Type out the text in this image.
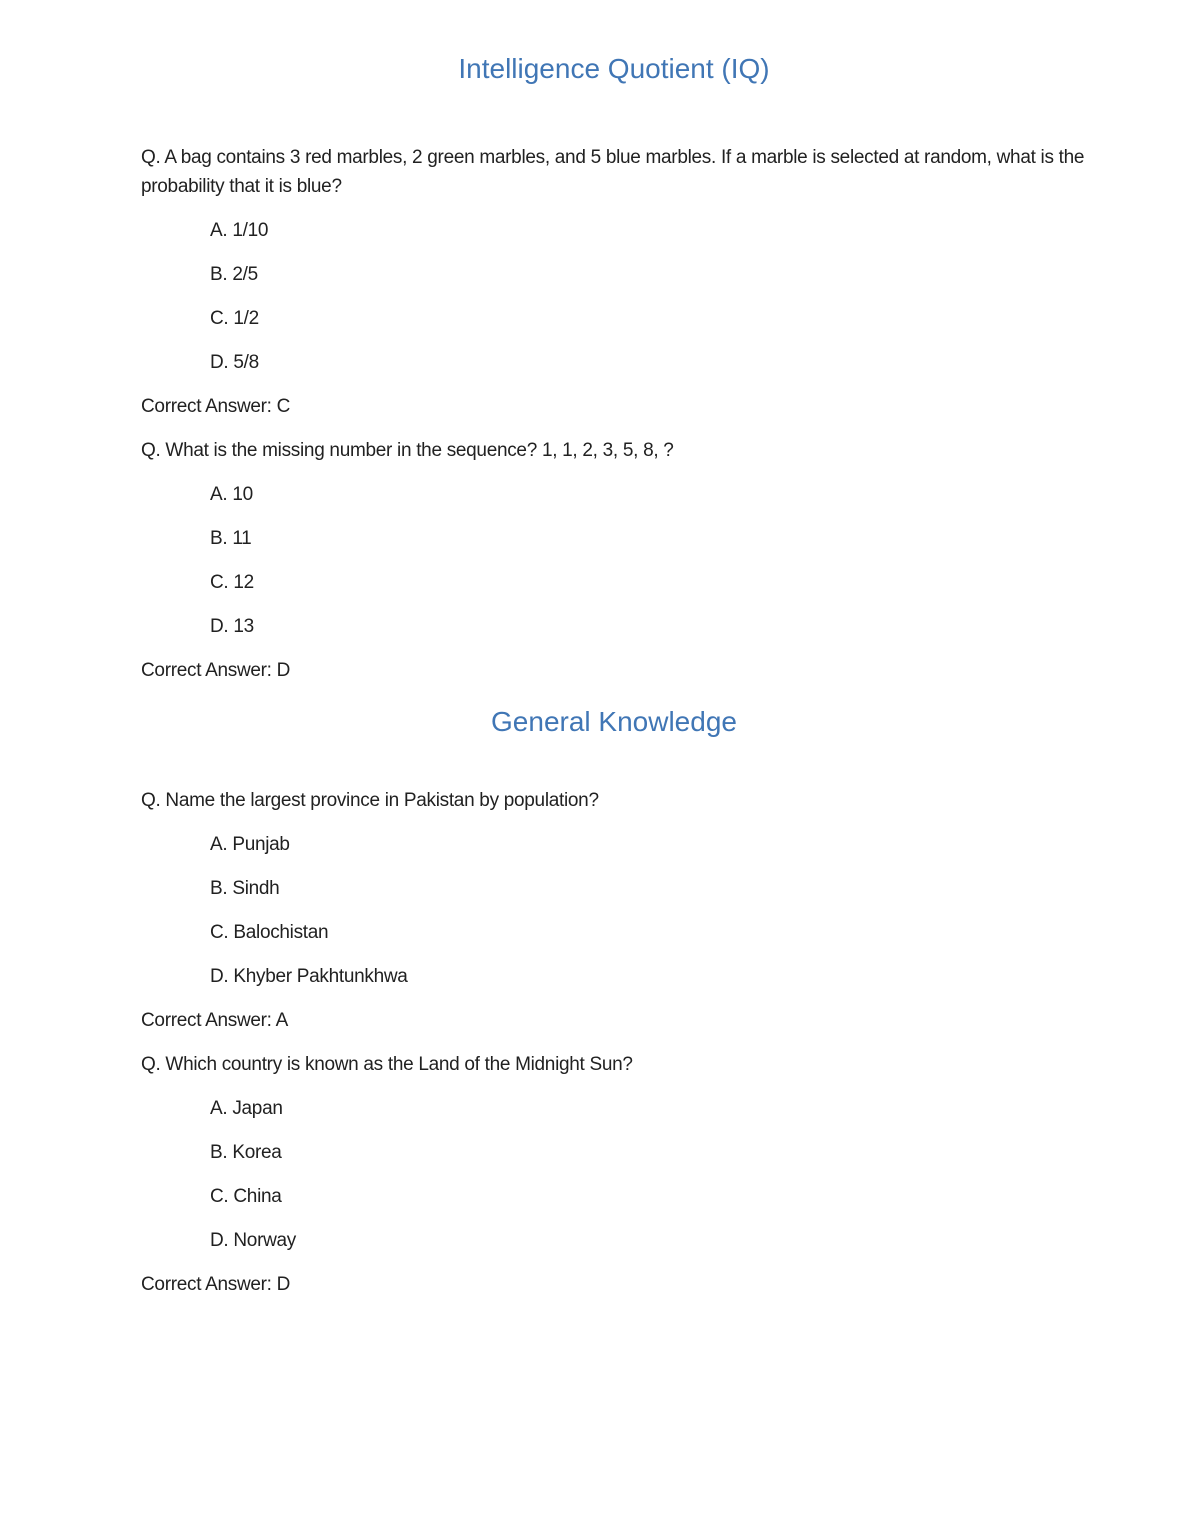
Intelligence Quotient (IQ)

Q. A bag contains 3 red marbles, 2 green marbles, and 5 blue marbles. If a marble is selected at random, what is the probability that it is blue?

A. 1/10

B. 2/5

C. 1/2

D. 5/8

Correct Answer: C

Q. What is the missing number in the sequence? 1, 1, 2, 3, 5, 8, ?

A. 10

B. 11

C. 12

D. 13

Correct Answer: D

General Knowledge

Q. Name the largest province in Pakistan by population?

A. Punjab

B. Sindh

C. Balochistan

D. Khyber Pakhtunkhwa

Correct Answer: A

Q. Which country is known as the Land of the Midnight Sun?

A. Japan

B. Korea

C. China

D. Norway

Correct Answer: D
